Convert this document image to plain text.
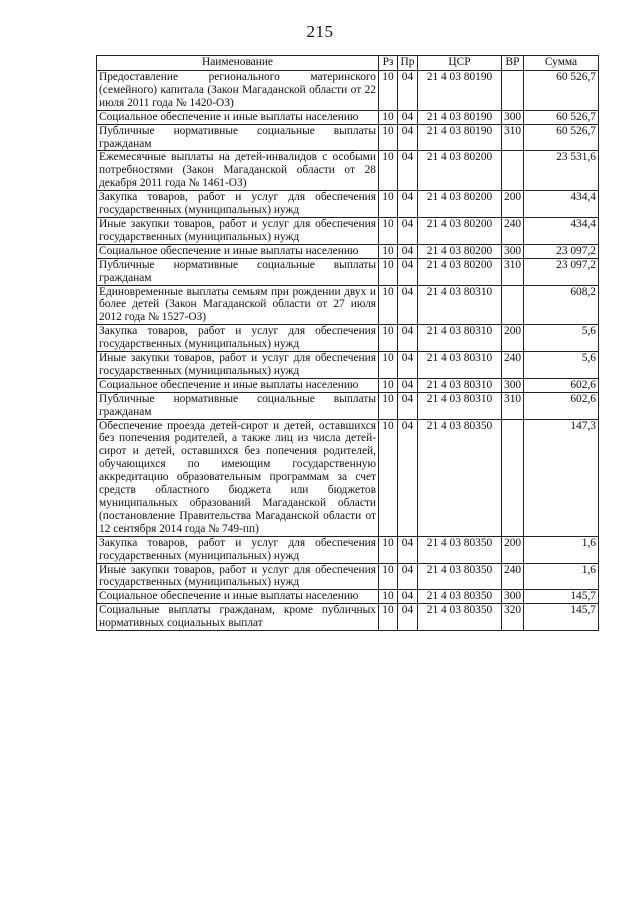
215
Наименование	Рз	Пр	ЦСР	ВР	Сумма
Предоставление регионального материнского (семейного) капитала (Закон Магаданской области от 22 июля 2011 года № 1420-ОЗ)	10	04	21 4 03 80190		60 526,7
Социальное обеспечение и иные выплаты населению	10	04	21 4 03 80190	300	60 526,7
Публичные нормативные социальные выплаты гражданам	10	04	21 4 03 80190	310	60 526,7
Ежемесячные выплаты на детей-инвалидов с особыми потребностями (Закон Магаданской области от 28 декабря 2011 года № 1461-ОЗ)	10	04	21 4 03 80200		23 531,6
Закупка товаров, работ и услуг для обеспечения государственных (муниципальных) нужд	10	04	21 4 03 80200	200	434,4
Иные закупки товаров, работ и услуг для обеспечения государственных (муниципальных) нужд	10	04	21 4 03 80200	240	434,4
Социальное обеспечение и иные выплаты населению	10	04	21 4 03 80200	300	23 097,2
Публичные нормативные социальные выплаты гражданам	10	04	21 4 03 80200	310	23 097,2
Единовременные выплаты семьям при рождении двух и более детей (Закон Магаданской области от 27 июля 2012 года № 1527-ОЗ)	10	04	21 4 03 80310		608,2
Закупка товаров, работ и услуг для обеспечения государственных (муниципальных) нужд	10	04	21 4 03 80310	200	5,6
Иные закупки товаров, работ и услуг для обеспечения государственных (муниципальных) нужд	10	04	21 4 03 80310	240	5,6
Социальное обеспечение и иные выплаты населению	10	04	21 4 03 80310	300	602,6
Публичные нормативные социальные выплаты гражданам	10	04	21 4 03 80310	310	602,6
Обеспечение проезда детей-сирот и детей, оставшихся без попечения родителей, а также лиц из числа детей-сирот и детей, оставшихся без попечения родителей, обучающихся по имеющим государственную аккредитацию образовательным программам за счет средств областного бюджета или бюджетов муниципальных образований Магаданской области (постановление Правительства Магаданской области от 12 сентября 2014 года № 749-пп)	10	04	21 4 03 80350		147,3
Закупка товаров, работ и услуг для обеспечения государственных (муниципальных) нужд	10	04	21 4 03 80350	200	1,6
Иные закупки товаров, работ и услуг для обеспечения государственных (муниципальных) нужд	10	04	21 4 03 80350	240	1,6
Социальное обеспечение и иные выплаты населению	10	04	21 4 03 80350	300	145,7
Социальные выплаты гражданам, кроме публичных нормативных социальных выплат	10	04	21 4 03 80350	320	145,7
